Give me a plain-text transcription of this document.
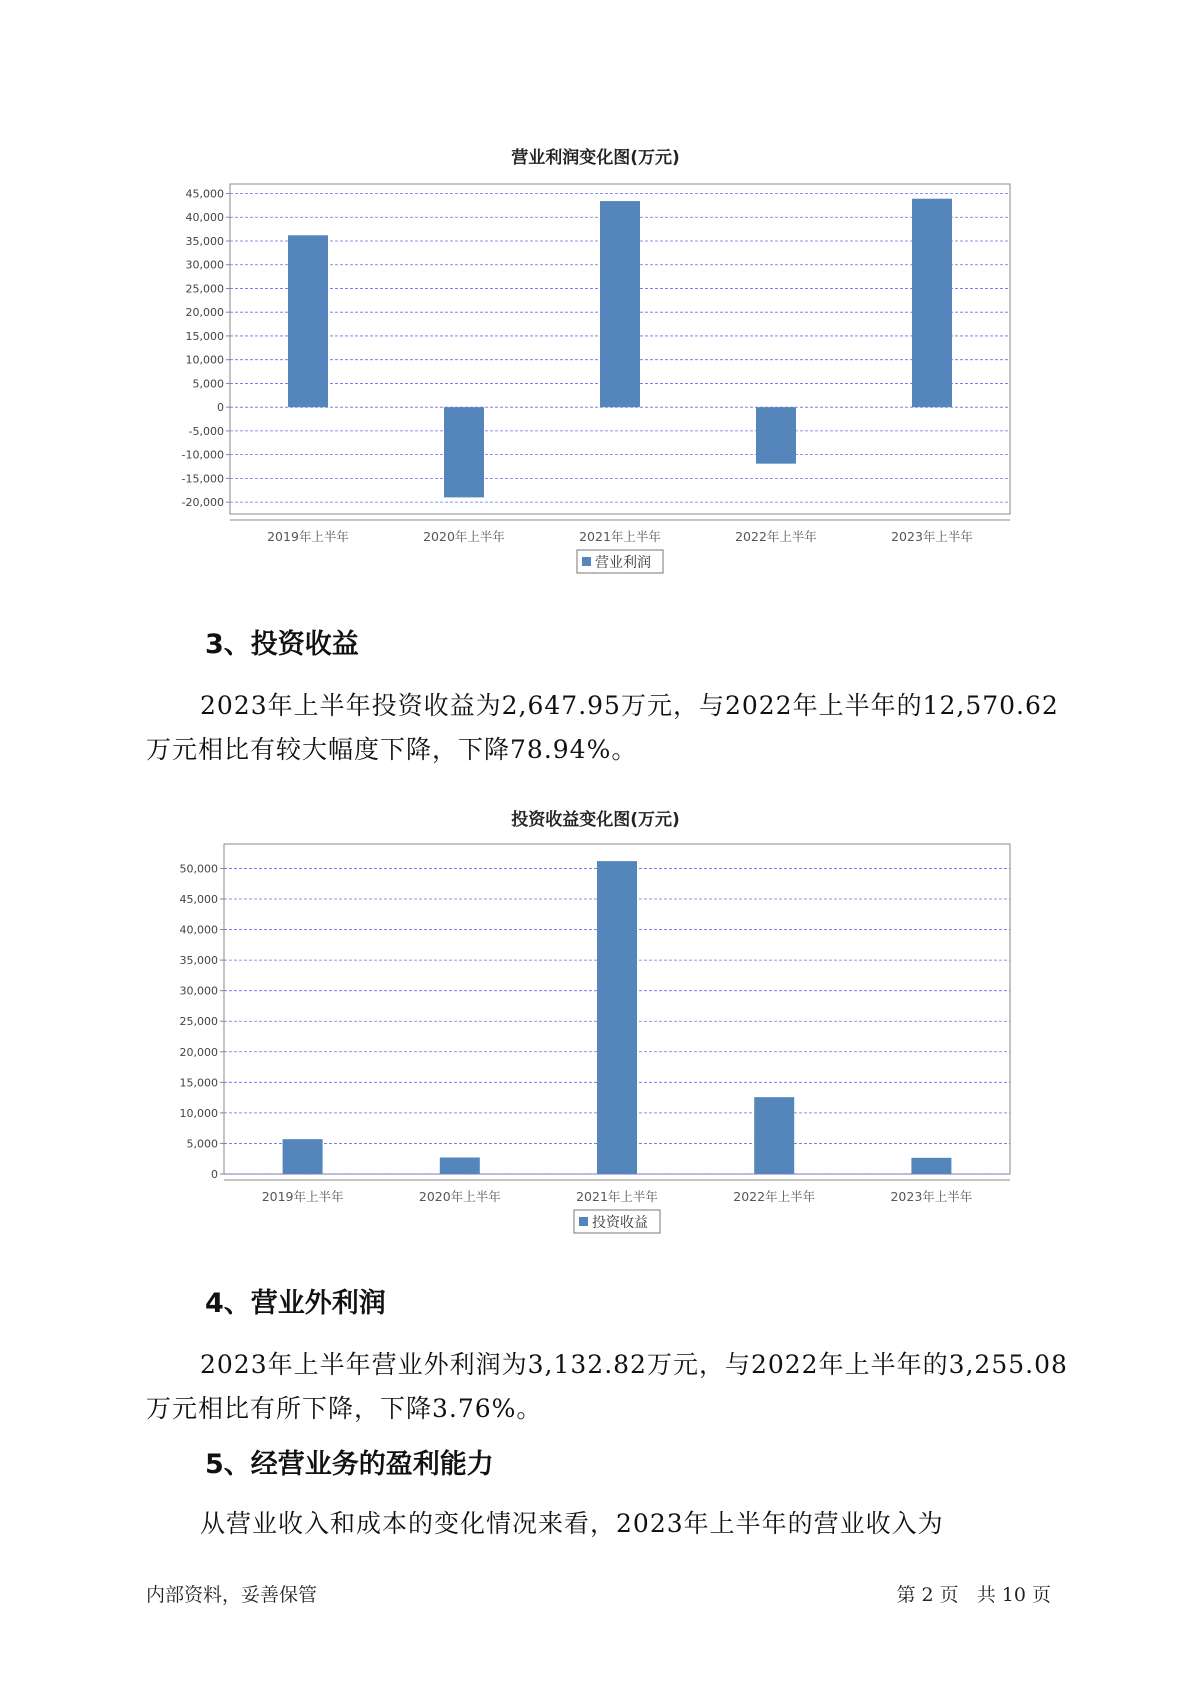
营业利润变化图(万元)
45,000
40,000
35,000
30,000
25,000
20,000
15,000
10,000
5,000
0
-5,000
-10,000
-15,000
-20,000
2019年上半年	2020年上半年	2021年上半年	2022年上半年	2023年上半年
营业利润
3、投资收益
2023年上半年投资收益为2,647.95万元，与2022年上半年的12,570.62
万元相比有较大幅度下降，下降78.94%。
投资收益变化图(万元)
50,000
45,000
40,000
35,000
30,000
25,000
20,000
15,000
10,000
5,000
0
2019年上半年	2020年上半年	2021年上半年	2022年上半年	2023年上半年
投资收益
4、营业外利润
2023年上半年营业外利润为3,132.82万元，与2022年上半年的3,255.08
万元相比有所下降，下降3.76%。
5、经营业务的盈利能力
从营业收入和成本的变化情况来看，2023年上半年的营业收入为
内部资料，妥善保管	第 2 页   共 10 页
